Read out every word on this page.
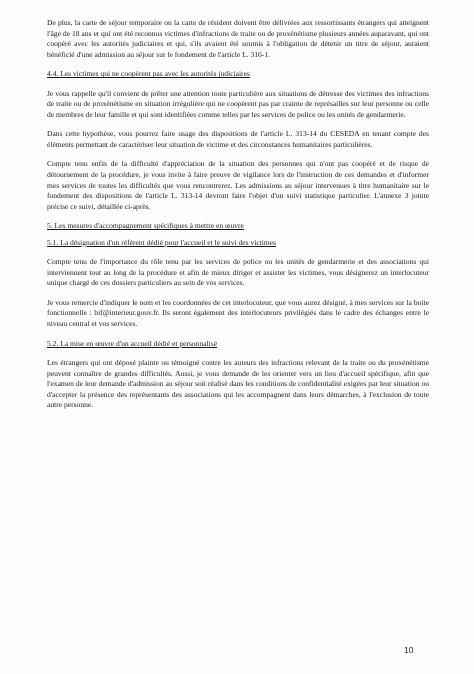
De plus, la carte de séjour temporaire ou la carte de résident doivent être délivrées aux ressortissants étrangers qui atteignent l'âge de 18 ans et qui ont été reconnus victimes d'infractions de traite ou de proxénétisme plusieurs années auparavant, qui ont coopéré avec les autorités judiciaires et qui, s'ils avaient été soumis à l'obligation de détenir un titre de séjour, auraient bénéficié d'une admission au séjour sur le fondement de l'article L. 316-1.

4.4. Les victimes qui ne coopèrent pas avec les autorités judiciaires

Je vous rappelle qu'il convient de prêter une attention toute particulière aux situations de détresse des victimes des infractions de traite ou de proxénétisme en situation irrégulière qui ne coopèrent pas par crainte de représailles sur leur personne ou celle de membres de leur famille et qui sont identifiées comme telles par les services de police ou les unités de gendarmerie.

Dans cette hypothèse, vous pourrez faire usage des dispositions de l'article L. 313-14 du CESEDA en tenant compte des éléments permettant de caractériser leur situation de victime et des circonstances humanitaires particulières.

Compte tenu enfin de la difficulté d'appréciation de la situation des personnes qui n'ont pas coopéré et de risque de détournement de la procédure, je vous invite à faire preuve de vigilance lors de l'instruction de ces demandes et d'informer mes services de toutes les difficultés que vous rencontrerez. Les admissions au séjour intervenues à titre humanitaire sur le fondement des dispositions de l'article L. 313-14 devront faire l'objet d'un suivi statistique particulier. L'annexe 3 jointe précise ce suivi, détaillée ci-après.

5. Les mesures d'accompagnement spécifiques à mettre en œuvre
5.1. La désignation d'un référent dédié pour l'accueil et le suivi des victimes

Compte tenu de l'importance du rôle tenu par les services de police ou les unités de gendarmerie et des associations qui interviennent tout au long de la procédure et afin de mieux diriger et assister les victimes, vous désignerez un interlocuteur unique chargé de ces dossiers particuliers au sein de vos services.

Je vous remercie d'indiquer le nom et les coordonnées de cet interlocuteur, que vous aurez désigné, à mes services sur la boite fonctionnelle : bif@interieur.gouv.fr. Ils seront également des interlocuteurs privilégiés dans le cadre des échanges entre le niveau central et vos services.

5.2. La mise en œuvre d'un accueil dédié et personnalisé

Les étrangers qui ont déposé plainte ou témoigné contre les auteurs des infractions relevant de la traite ou du proxénétisme peuvent connaître de grandes difficultés. Aussi, je vous demande de les orienter vers un lieu d'accueil spécifique, afin que l'examen de leur demande d'admission au séjour soit réalisé dans les conditions de confidentialité exigées par leur situation ou d'accepter la présence des représentants des associations qui les accompagnent dans leurs démarches, à l'exclusion de toute autre personne.

10
